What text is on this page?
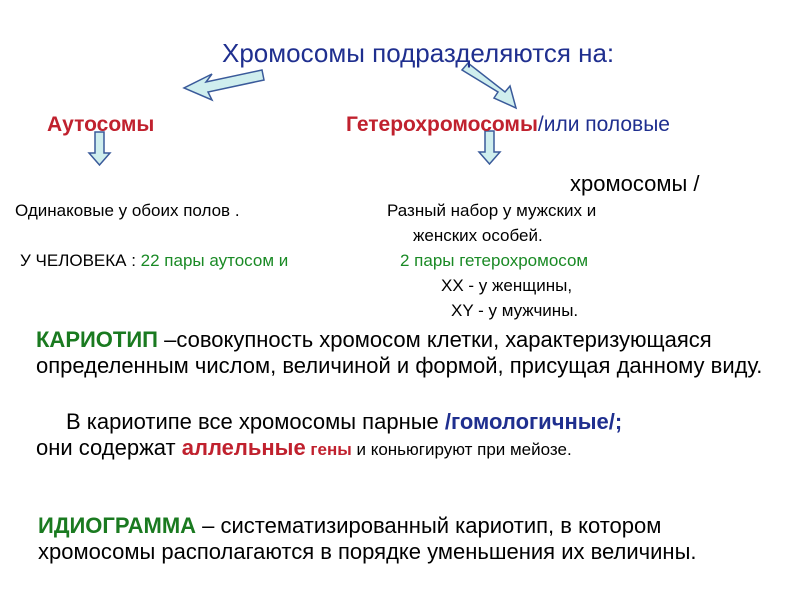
Хромосомы подразделяются на:
Аутосомы	Гетерохромосомы/или половые
хромосомы /
Одинаковые у обоих полов .	Разный набор у мужских и
женских особей.
У ЧЕЛОВЕКА : 22 пары аутосом и	2 пары гетерохромосом
ХХ - у женщины,
ХY - у мужчины.
КАРИОТИП –совокупность хромосом клетки, характеризующаяся определенным числом, величиной и формой, присущая данному виду.
В кариотипе все хромосомы парные /гомологичные/;
они содержат аллельные гены и коньюгируют при мейозе.
ИДИОГРАММА – систематизированный кариотип, в котором хромосомы располагаются в порядке уменьшения их величины.
